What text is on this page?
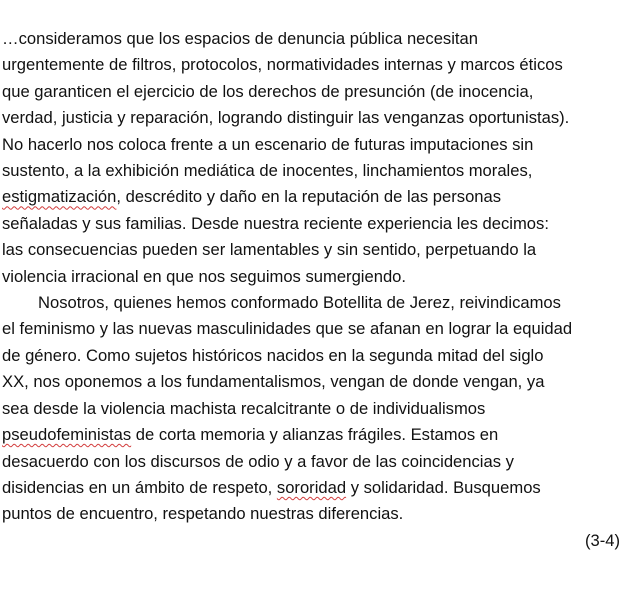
…consideramos que los espacios de denuncia pública necesitan
urgentemente de filtros, protocolos, normatividades internas y marcos éticos
que garanticen el ejercicio de los derechos de presunción (de inocencia,
verdad, justicia y reparación, logrando distinguir las venganzas oportunistas).
No hacerlo nos coloca frente a un escenario de futuras imputaciones sin
sustento, a la exhibición mediática de inocentes, linchamientos morales,
estigmatización, descrédito y daño en la reputación de las personas
señaladas y sus familias. Desde nuestra reciente experiencia les decimos:
las consecuencias pueden ser lamentables y sin sentido, perpetuando la
violencia irracional en que nos seguimos sumergiendo.
Nosotros, quienes hemos conformado Botellita de Jerez, reivindicamos
el feminismo y las nuevas masculinidades que se afanan en lograr la equidad
de género. Como sujetos históricos nacidos en la segunda mitad del siglo
XX, nos oponemos a los fundamentalismos, vengan de donde vengan, ya
sea desde la violencia machista recalcitrante o de individualismos
pseudofeministas de corta memoria y alianzas frágiles. Estamos en
desacuerdo con los discursos de odio y a favor de las coincidencias y
disidencias en un ámbito de respeto, sororidad y solidaridad. Busquemos
puntos de encuentro, respetando nuestras diferencias.
(3-4)
